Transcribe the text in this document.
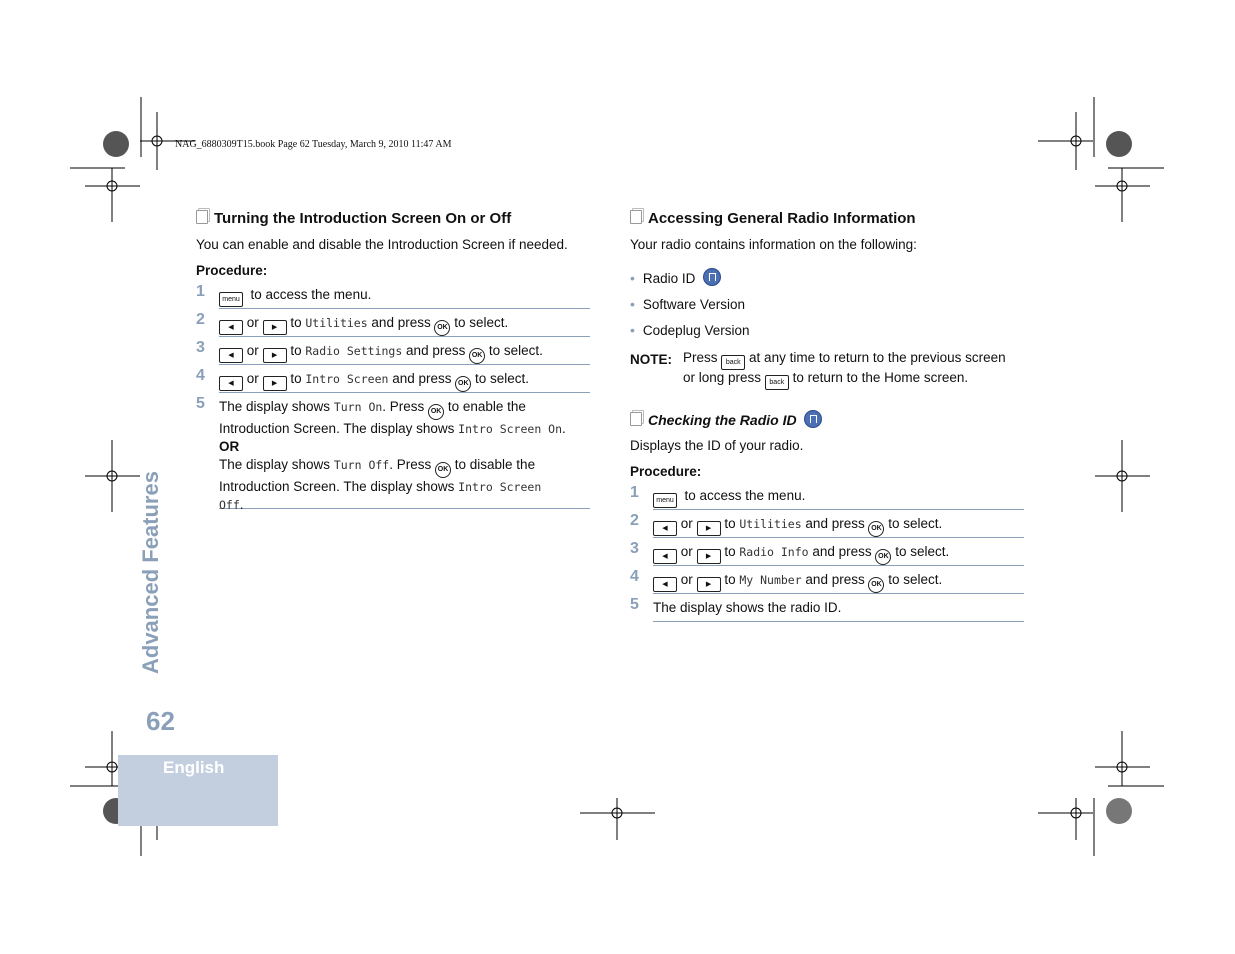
NAG_6880309T15.book Page 62 Tuesday, March 9, 2010 11:47 AM
Turning the Introduction Screen On or Off
You can enable and disable the Introduction Screen if needed.
Procedure:
1	menu to access the menu.
2	◀ or ▶ to Utilities and press OK to select.
3	◀ or ▶ to Radio Settings and press OK to select.
4	◀ or ▶ to Intro Screen and press OK to select.
5 The display shows Turn On. Press OK to enable the
Introduction Screen. The display shows Intro Screen On.
OR
The display shows Turn Off. Press OK to disable the
Introduction Screen. The display shows Intro Screen
Off.
Accessing General Radio Information
Your radio contains information on the following:
• Radio ID
• Software Version
• Codeplug Version
NOTE: Press back at any time to return to the previous screen
or long press back to return to the Home screen.
Checking the Radio ID
Displays the ID of your radio.
Procedure:
1	menu to access the menu.
2	◀ or ▶ to Utilities and press OK to select.
3	◀ or ▶ to Radio Info and press OK to select.
4	◀ or ▶ to My Number and press OK to select.
5 The display shows the radio ID.
Advanced Features
62
English
